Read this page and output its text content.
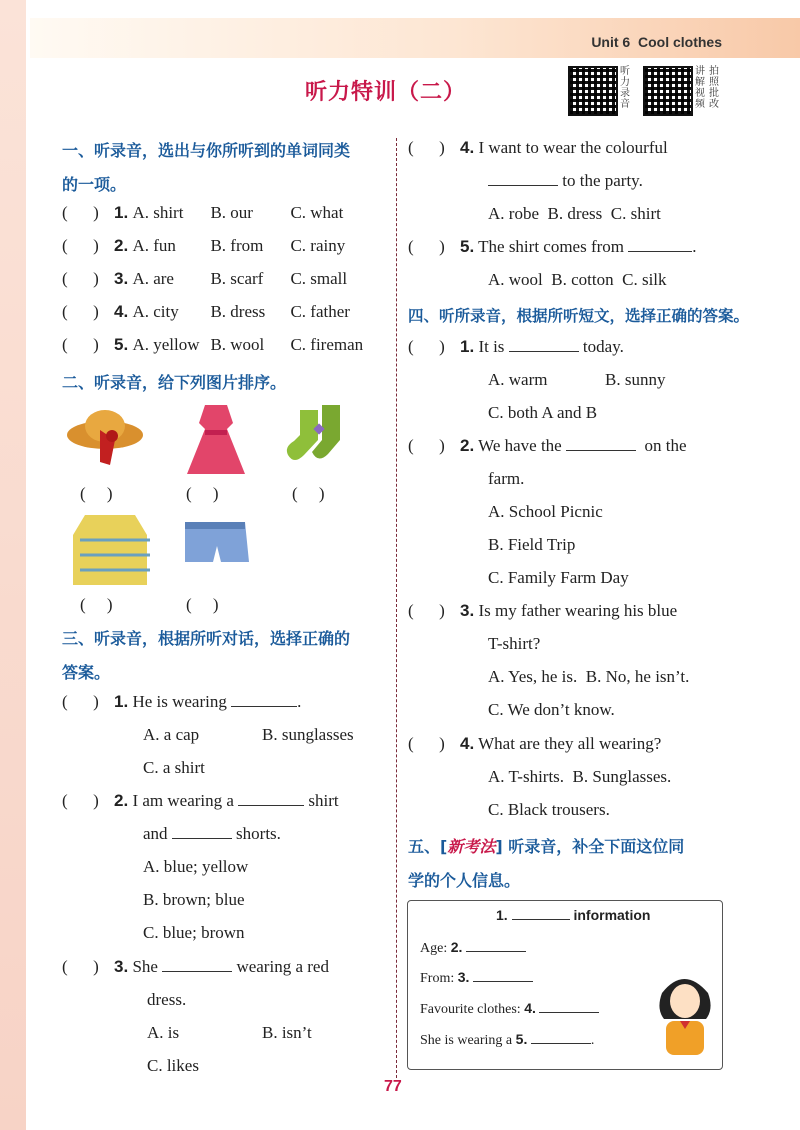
Unit 6 Cool clothes
听力特训（二）
听力录音
讲解视频
拍照批改
一、听录音，选出与你所听到的单词同类
的一项。
(      ) 1. A. shirt B. our C. what
(      ) 2. A. fun B. from C. rainy
(      ) 3. A. are B. scarf C. small
(      ) 4. A. city B. dress C. father
(      ) 5. A. yellow B. wool C. fireman
二、听录音，给下列图片排序。
(     )	(     )	(     )
(     )	(     )
三、听录音，根据所听对话，选择正确的
答案。
(      ) 1. He is wearing	.
A. a cap	B. sunglasses
C. a shirt
(      ) 2. I am wearing a	shirt
and	shorts.
A. blue; yellow
B. brown; blue
C. blue; brown
(      ) 3. She	wearing a red
dress.
A. is	B. isn’t
C. likes
(      ) 4. I want to wear the colourful
to the party.
A. robe B. dress C. shirt
(      ) 5. The shirt comes from	.
A. wool B. cotton C. silk
四、听所录音，根据所听短文，选择正确的答案。
(      ) 1. It is	today.
A. warm	B. sunny
C. both A and B
(      ) 2. We have the	on the
farm.
A. School Picnic
B. Field Trip
C. Family Farm Day
(      ) 3. Is my father wearing his blue
T-shirt?
A. Yes, he is. B. No, he isn’t.
C. We don’t know.
(      ) 4. What are they all wearing?
A. T-shirts. B. Sunglasses.
C. Black trousers.
五、[新考法] 听录音，补全下面这位同
学的个人信息。
1.	information
Age: 2.
From: 3.
Favourite clothes: 4.
She is wearing a 5.	.
77
